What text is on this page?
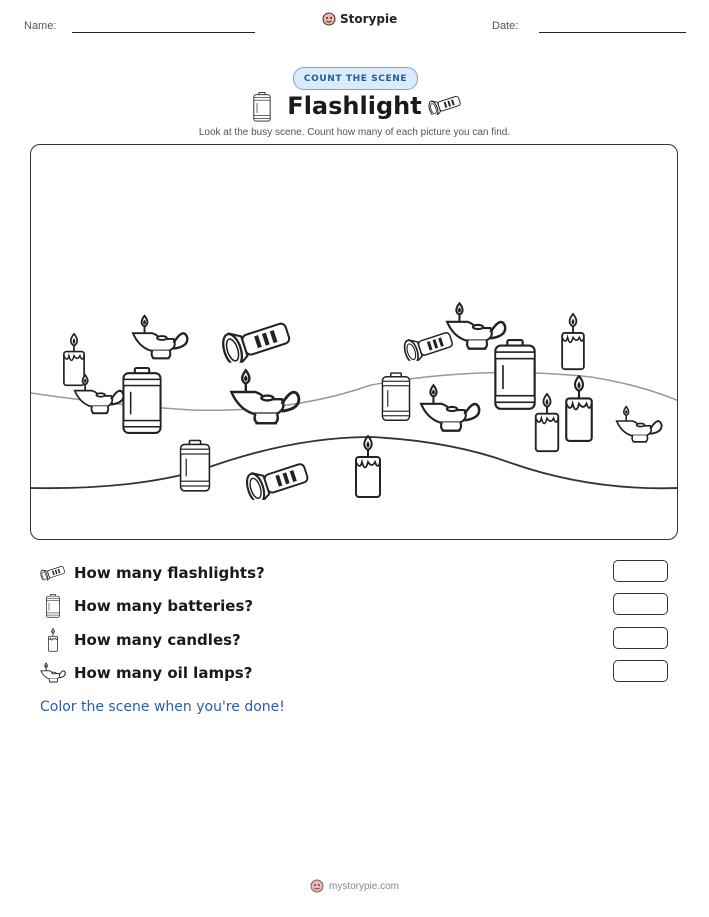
Name:	Storypie	Date:
COUNT THE SCENE
Flashlight
Look at the busy scene. Count how many of each picture you can find.
How many flashlights?
How many batteries?
How many candles?
How many oil lamps?
Color the scene when you're done!
mystorypie.com
